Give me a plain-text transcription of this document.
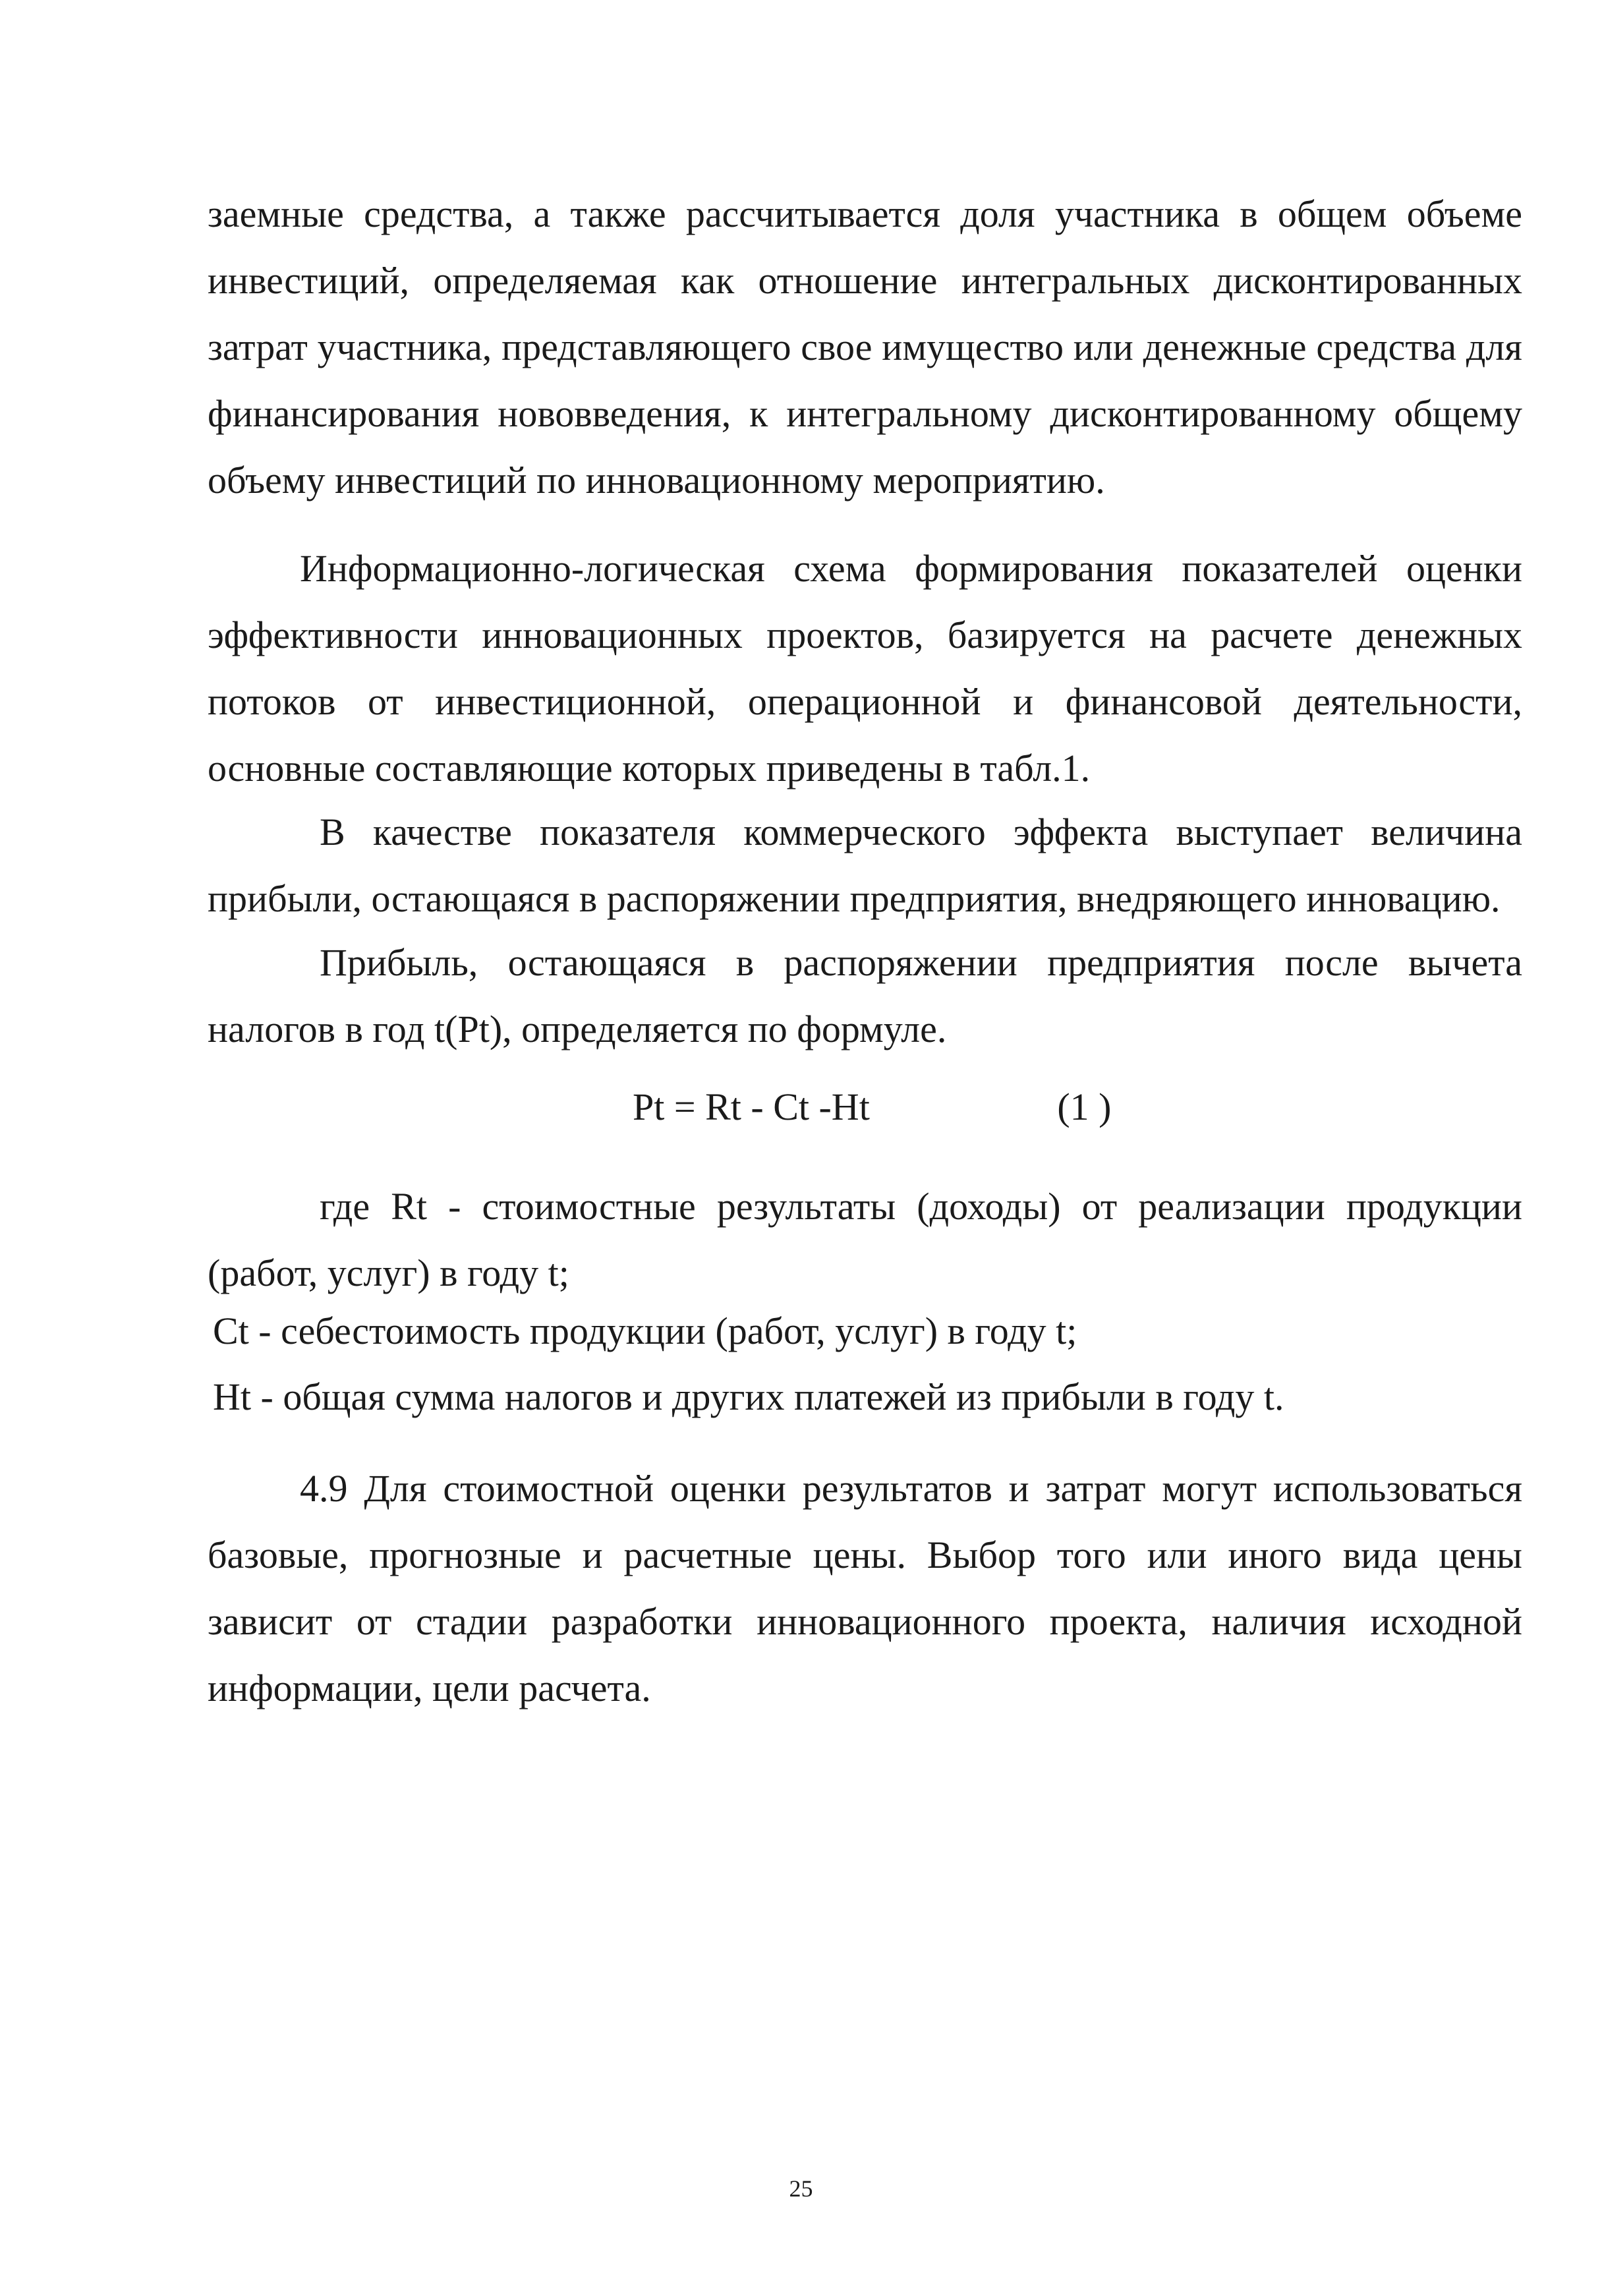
заемные средства, а также рассчитывается доля участника в общем объеме инвестиций, определяемая как отношение интегральных дисконтированных затрат участника, представляющего свое имущество или денежные средства для финансирования нововведения, к интегральному дисконтированному общему объему инвестиций по инновационному мероприятию.

Информационно-логическая схема формирования показателей оценки эффективности инновационных проектов, базируется на расчете денежных потоков от инвестиционной, операционной и финансовой деятельности, основные составляющие которых приведены в табл.1.

В качестве показателя коммерческого эффекта выступает величина прибыли, остающаяся в распоряжении предприятия, внедряющего инновацию.

Прибыль, остающаяся в распоряжении предприятия после вычета налогов в год t(Pt), определяется по формуле.

Pt = Rt - Ct -Ht	(1 )

где Rt - стоимостные результаты (доходы) от реализации продукции (работ, услуг) в году t;

Ct - себестоимость продукции (работ, услуг) в году t;
Ht - общая сумма налогов и других платежей из прибыли в году t.

4.9 Для стоимостной оценки результатов и затрат могут использоваться базовые, прогнозные и расчетные цены. Выбор того или иного вида цены зависит от стадии разработки инновационного проекта, наличия исходной информации, цели расчета.

25
